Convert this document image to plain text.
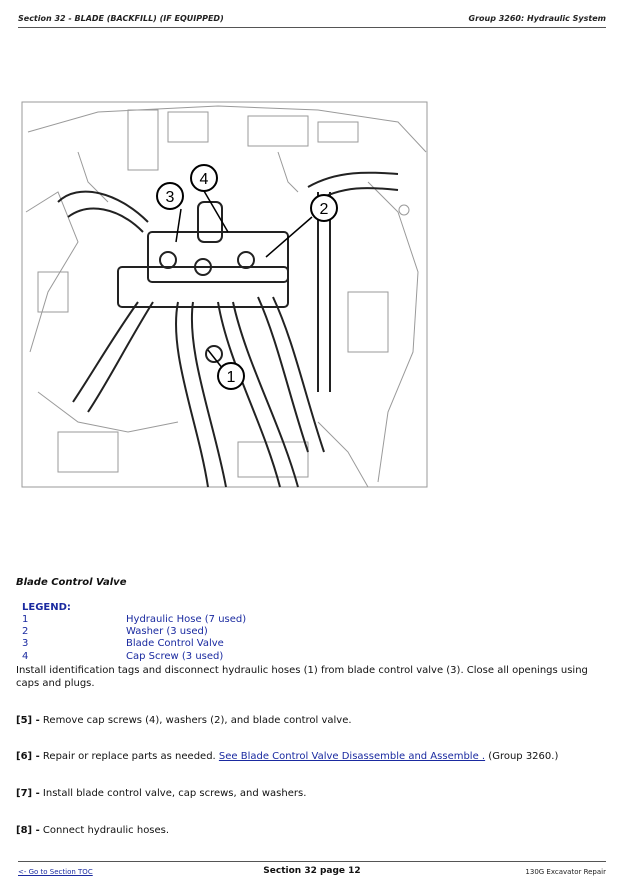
Section 32 - BLADE (BACKFILL) (IF EQUIPPED)	Group 3260: Hydraulic System
3
4
2
1
Blade Control Valve
LEGEND:
1	Hydraulic Hose (7 used)
2	Washer (3 used)
3	Blade Control Valve
4	Cap Screw (3 used)
Install identification tags and disconnect hydraulic hoses (1) from blade control valve (3). Close all openings using caps and plugs.
[5] - Remove cap screws (4), washers (2), and blade control valve.
[6] - Repair or replace parts as needed. See Blade Control Valve Disassemble and Assemble . (Group 3260.)
[7] - Install blade control valve, cap screws, and washers.
[8] - Connect hydraulic hoses.
<- Go to Section TOC	Section 32 page 12	130G Excavator Repair
